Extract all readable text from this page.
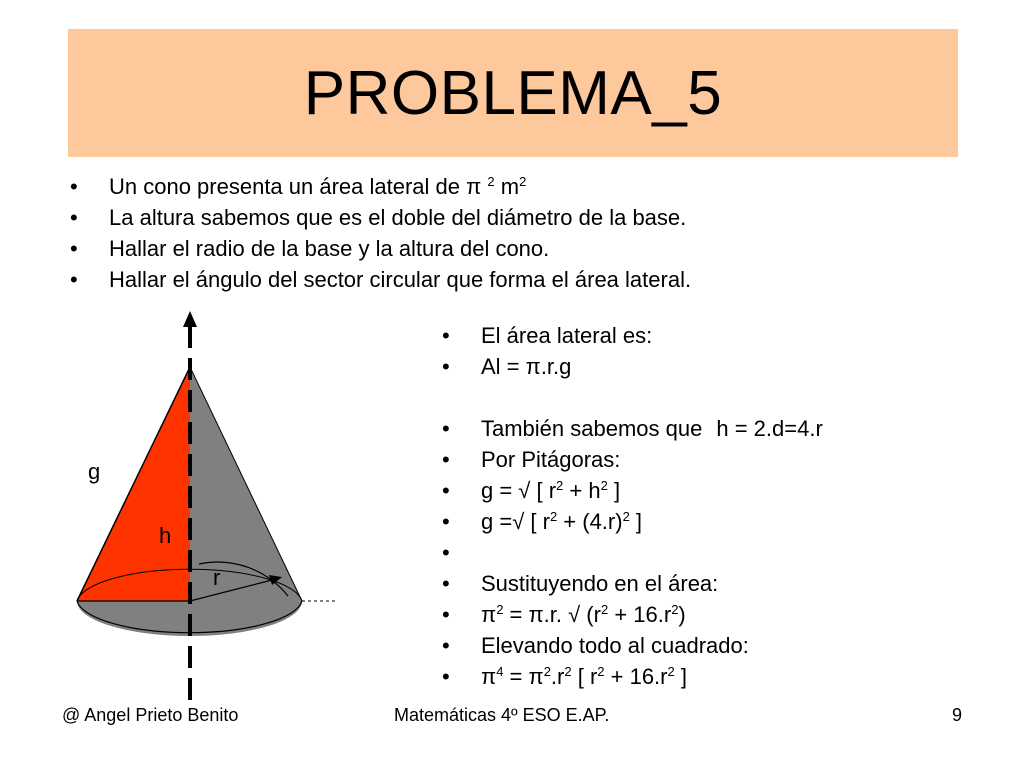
PROBLEMA_5
• Un cono presenta un área lateral de π $^2$ $m^2$
• La altura sabemos que es el doble del diámetro de la base.
• Hallar el radio de la base y la altura del cono.
• Hallar el ángulo del sector circular que forma el área lateral.
g
h
r
• El área lateral es:
• Al = π.r.g
• También sabemos que h = 2.d=4.r
• Por Pitágoras:
• g = √ [ $r^2 + h^2$ ]
• g =√ [ $r^2 + (4.r)^2$ ]
•
• Sustituyendo en el área:
• $\pi^2 = \pi.r$. √ $(r^2 + 16.r^2)$
• Elevando todo al cuadrado:
• $\pi^4 = \pi^2.r^2$ [ $r^2 + 16.r^2$ ]
@ Angel Prieto Benito	Matemáticas 4º ESO E.AP.	9
